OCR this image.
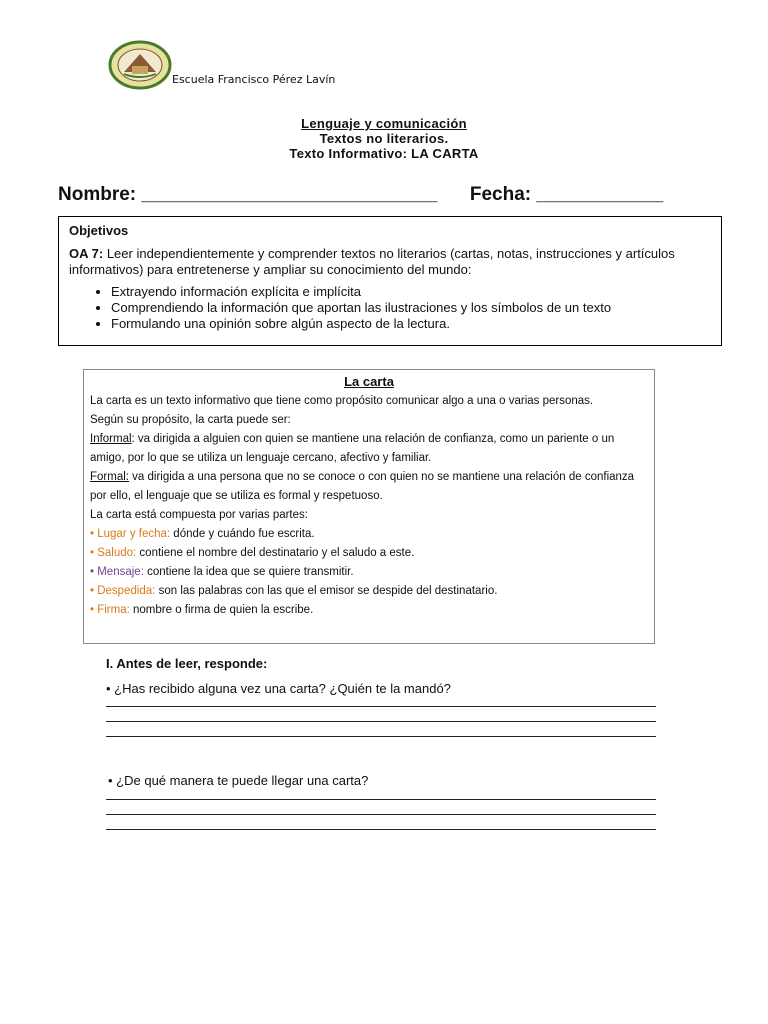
Escuela Francisco Pérez Lavín
Lenguaje y comunicación
Textos no literarios.
Texto Informativo: LA CARTA
Nombre: ____________________________ Fecha: ____________
Objetivos
OA 7: Leer independientemente y comprender textos no literarios (cartas, notas, instrucciones y artículos informativos) para entretenerse y ampliar su conocimiento del mundo:
• Extrayendo información explícita e implícita
• Comprendiendo la información que aportan las ilustraciones y los símbolos de un texto
• Formulando una opinión sobre algún aspecto de la lectura.
La carta
La carta es un texto informativo que tiene como propósito comunicar algo a una o varias personas.
Según su propósito, la carta puede ser:
Informal: va dirigida a alguien con quien se mantiene una relación de confianza, como un pariente o un amigo, por lo que se utiliza un lenguaje cercano, afectivo y familiar.
Formal: va dirigida a una persona que no se conoce o con quien no se mantiene una relación de confianza por ello, el lenguaje que se utiliza es formal y respetuoso.
La carta está compuesta por varias partes:
• Lugar y fecha: dónde y cuándo fue escrita.
• Saludo: contiene el nombre del destinatario y el saludo a este.
• Mensaje: contiene la idea que se quiere transmitir.
• Despedida: son las palabras con las que el emisor se despide del destinatario.
• Firma: nombre o firma de quien la escribe.
I. Antes de leer, responde:
• ¿Has recibido alguna vez una carta? ¿Quién te la mandó?
• ¿De qué manera te puede llegar una carta?
